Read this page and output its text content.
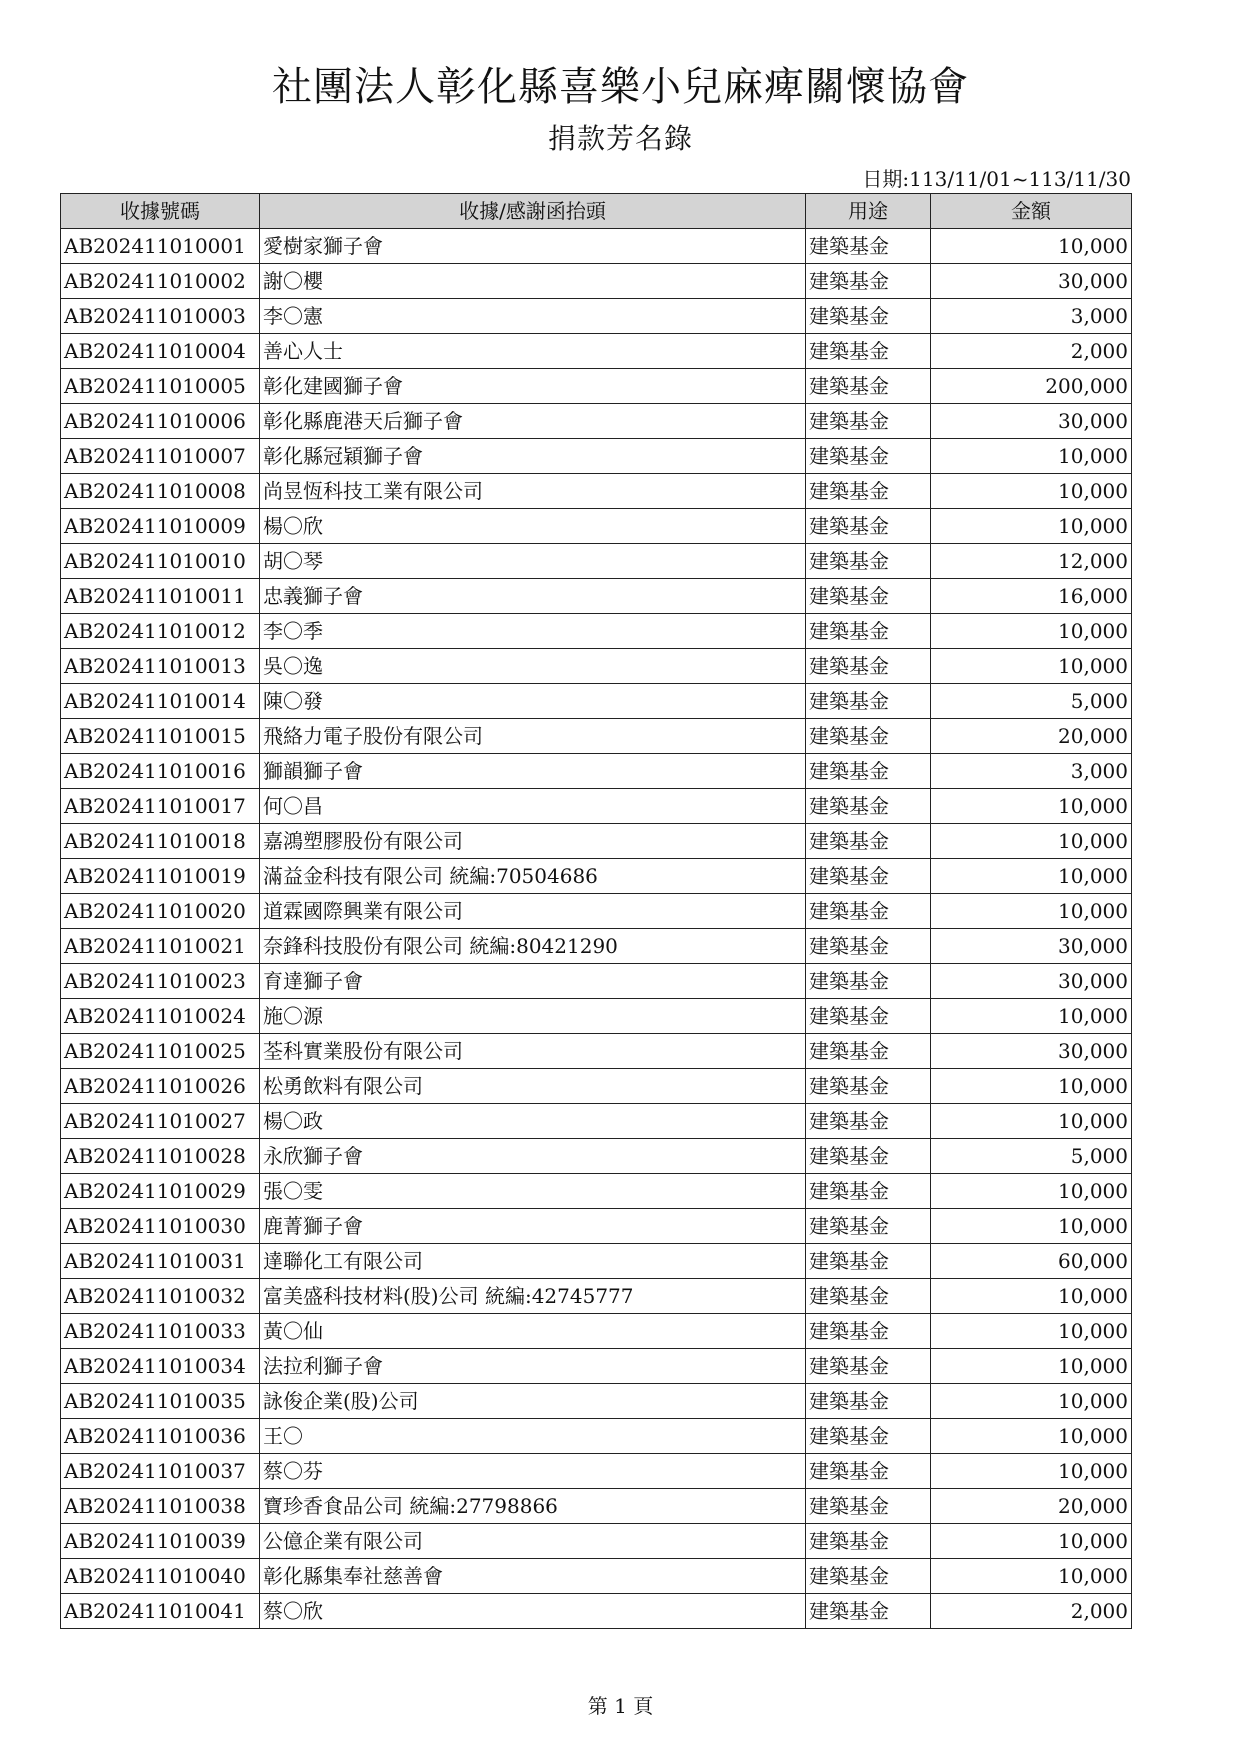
社團法人彰化縣喜樂小兒麻痺關懷協會
捐款芳名錄
日期:113/11/01~113/11/30
收據號碼	收據/感謝函抬頭	用途	金額
AB202411010001	愛樹家獅子會	建築基金	10,000
AB202411010002	謝〇櫻	建築基金	30,000
AB202411010003	李〇憲	建築基金	3,000
AB202411010004	善心人士	建築基金	2,000
AB202411010005	彰化建國獅子會	建築基金	200,000
AB202411010006	彰化縣鹿港天后獅子會	建築基金	30,000
AB202411010007	彰化縣冠穎獅子會	建築基金	10,000
AB202411010008	尚昱恆科技工業有限公司	建築基金	10,000
AB202411010009	楊〇欣	建築基金	10,000
AB202411010010	胡〇琴	建築基金	12,000
AB202411010011	忠義獅子會	建築基金	16,000
AB202411010012	李〇季	建築基金	10,000
AB202411010013	吳〇逸	建築基金	10,000
AB202411010014	陳〇發	建築基金	5,000
AB202411010015	飛絡力電子股份有限公司	建築基金	20,000
AB202411010016	獅韻獅子會	建築基金	3,000
AB202411010017	何〇昌	建築基金	10,000
AB202411010018	嘉鴻塑膠股份有限公司	建築基金	10,000
AB202411010019	滿益金科技有限公司 統編:70504686	建築基金	10,000
AB202411010020	道霖國際興業有限公司	建築基金	10,000
AB202411010021	奈鋒科技股份有限公司 統編:80421290	建築基金	30,000
AB202411010023	育達獅子會	建築基金	30,000
AB202411010024	施〇源	建築基金	10,000
AB202411010025	荃科實業股份有限公司	建築基金	30,000
AB202411010026	松勇飲料有限公司	建築基金	10,000
AB202411010027	楊〇政	建築基金	10,000
AB202411010028	永欣獅子會	建築基金	5,000
AB202411010029	張〇雯	建築基金	10,000
AB202411010030	鹿菁獅子會	建築基金	10,000
AB202411010031	達聯化工有限公司	建築基金	60,000
AB202411010032	富美盛科技材料(股)公司 統編:42745777	建築基金	10,000
AB202411010033	黃〇仙	建築基金	10,000
AB202411010034	法拉利獅子會	建築基金	10,000
AB202411010035	詠俊企業(股)公司	建築基金	10,000
AB202411010036	王〇	建築基金	10,000
AB202411010037	蔡〇芬	建築基金	10,000
AB202411010038	寶珍香食品公司 統編:27798866	建築基金	20,000
AB202411010039	公億企業有限公司	建築基金	10,000
AB202411010040	彰化縣集奉社慈善會	建築基金	10,000
AB202411010041	蔡〇欣	建築基金	2,000
第 1 頁
